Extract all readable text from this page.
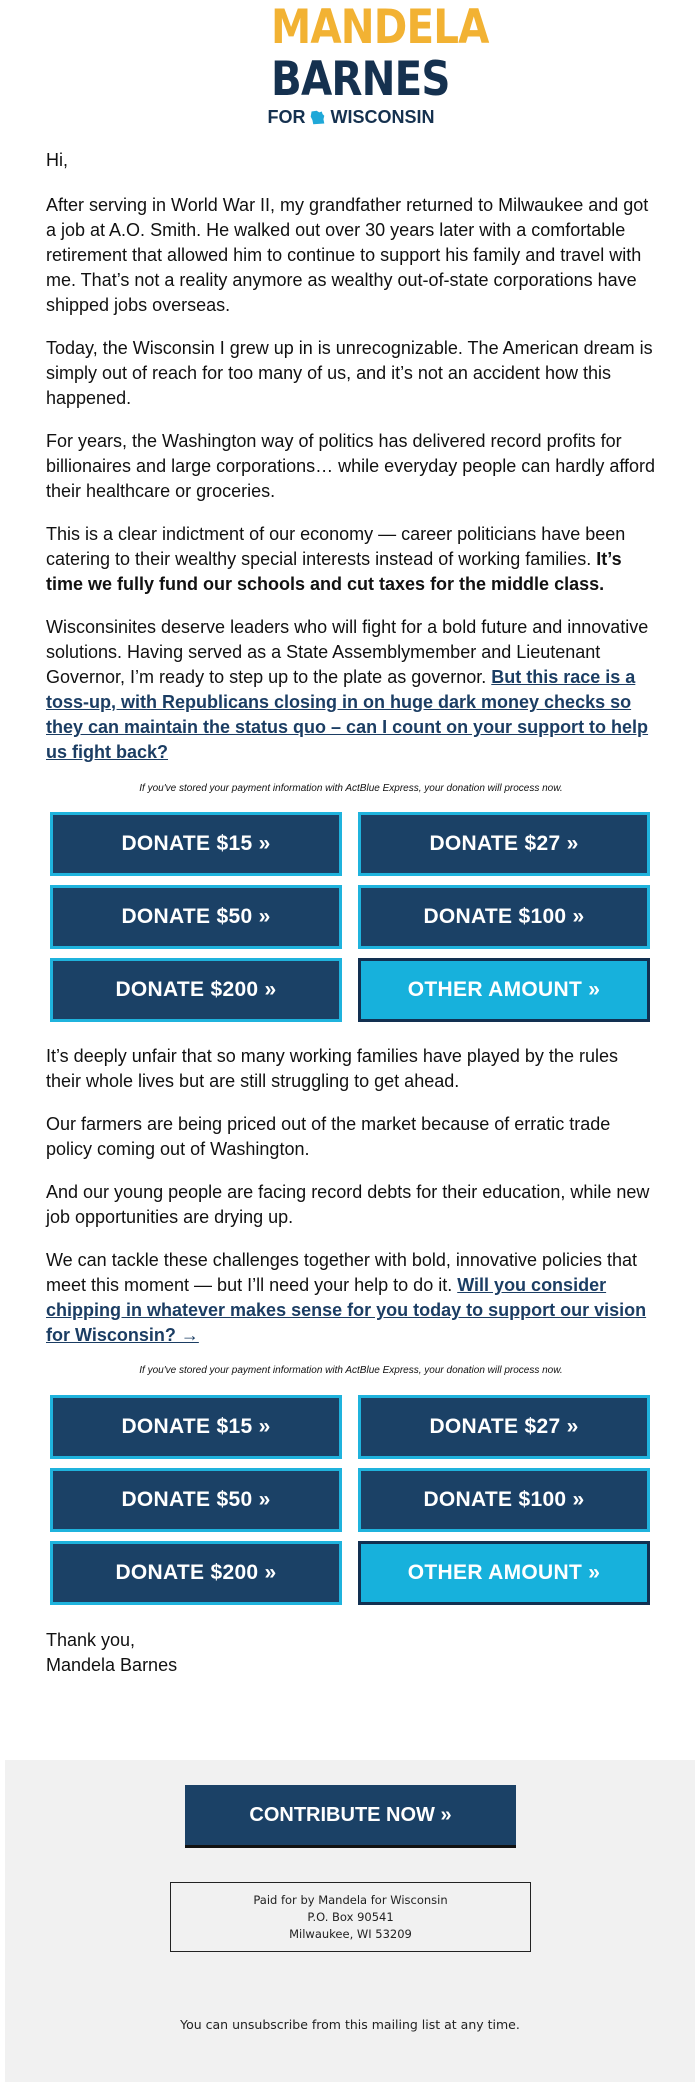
MANDELA
BARNES
FOR WISCONSIN

Hi,

After serving in World War II, my grandfather returned to Milwaukee and got a job at A.O. Smith. He walked out over 30 years later with a comfortable retirement that allowed him to continue to support his family and travel with me. That’s not a reality anymore as wealthy out-of-state corporations have shipped jobs overseas.

Today, the Wisconsin I grew up in is unrecognizable. The American dream is simply out of reach for too many of us, and it’s not an accident how this happened.

For years, the Washington way of politics has delivered record profits for billionaires and large corporations… while everyday people can hardly afford their healthcare or groceries.

This is a clear indictment of our economy — career politicians have been catering to their wealthy special interests instead of working families. It’s time we fully fund our schools and cut taxes for the middle class.

Wisconsinites deserve leaders who will fight for a bold future and innovative solutions. Having served as a State Assemblymember and Lieutenant Governor, I’m ready to step up to the plate as governor. But this race is a toss-up, with Republicans closing in on huge dark money checks so they can maintain the status quo – can I count on your support to help us fight back?

If you've stored your payment information with ActBlue Express, your donation will process now.
DONATE $15 »	DONATE $27 »
DONATE $50 »	DONATE $100 »
DONATE $200 »	OTHER AMOUNT »

It’s deeply unfair that so many working families have played by the rules their whole lives but are still struggling to get ahead.

Our farmers are being priced out of the market because of erratic trade policy coming out of Washington.

And our young people are facing record debts for their education, while new job opportunities are drying up.

We can tackle these challenges together with bold, innovative policies that meet this moment — but I’ll need your help to do it. Will you consider chipping in whatever makes sense for you today to support our vision for Wisconsin? →

If you've stored your payment information with ActBlue Express, your donation will process now.
DONATE $15 »	DONATE $27 »
DONATE $50 »	DONATE $100 »
DONATE $200 »	OTHER AMOUNT »
Thank you,
Mandela Barnes
CONTRIBUTE NOW »
Paid for by Mandela for Wisconsin
P.O. Box 90541
Milwaukee, WI 53209
You can unsubscribe from this mailing list at any time.
